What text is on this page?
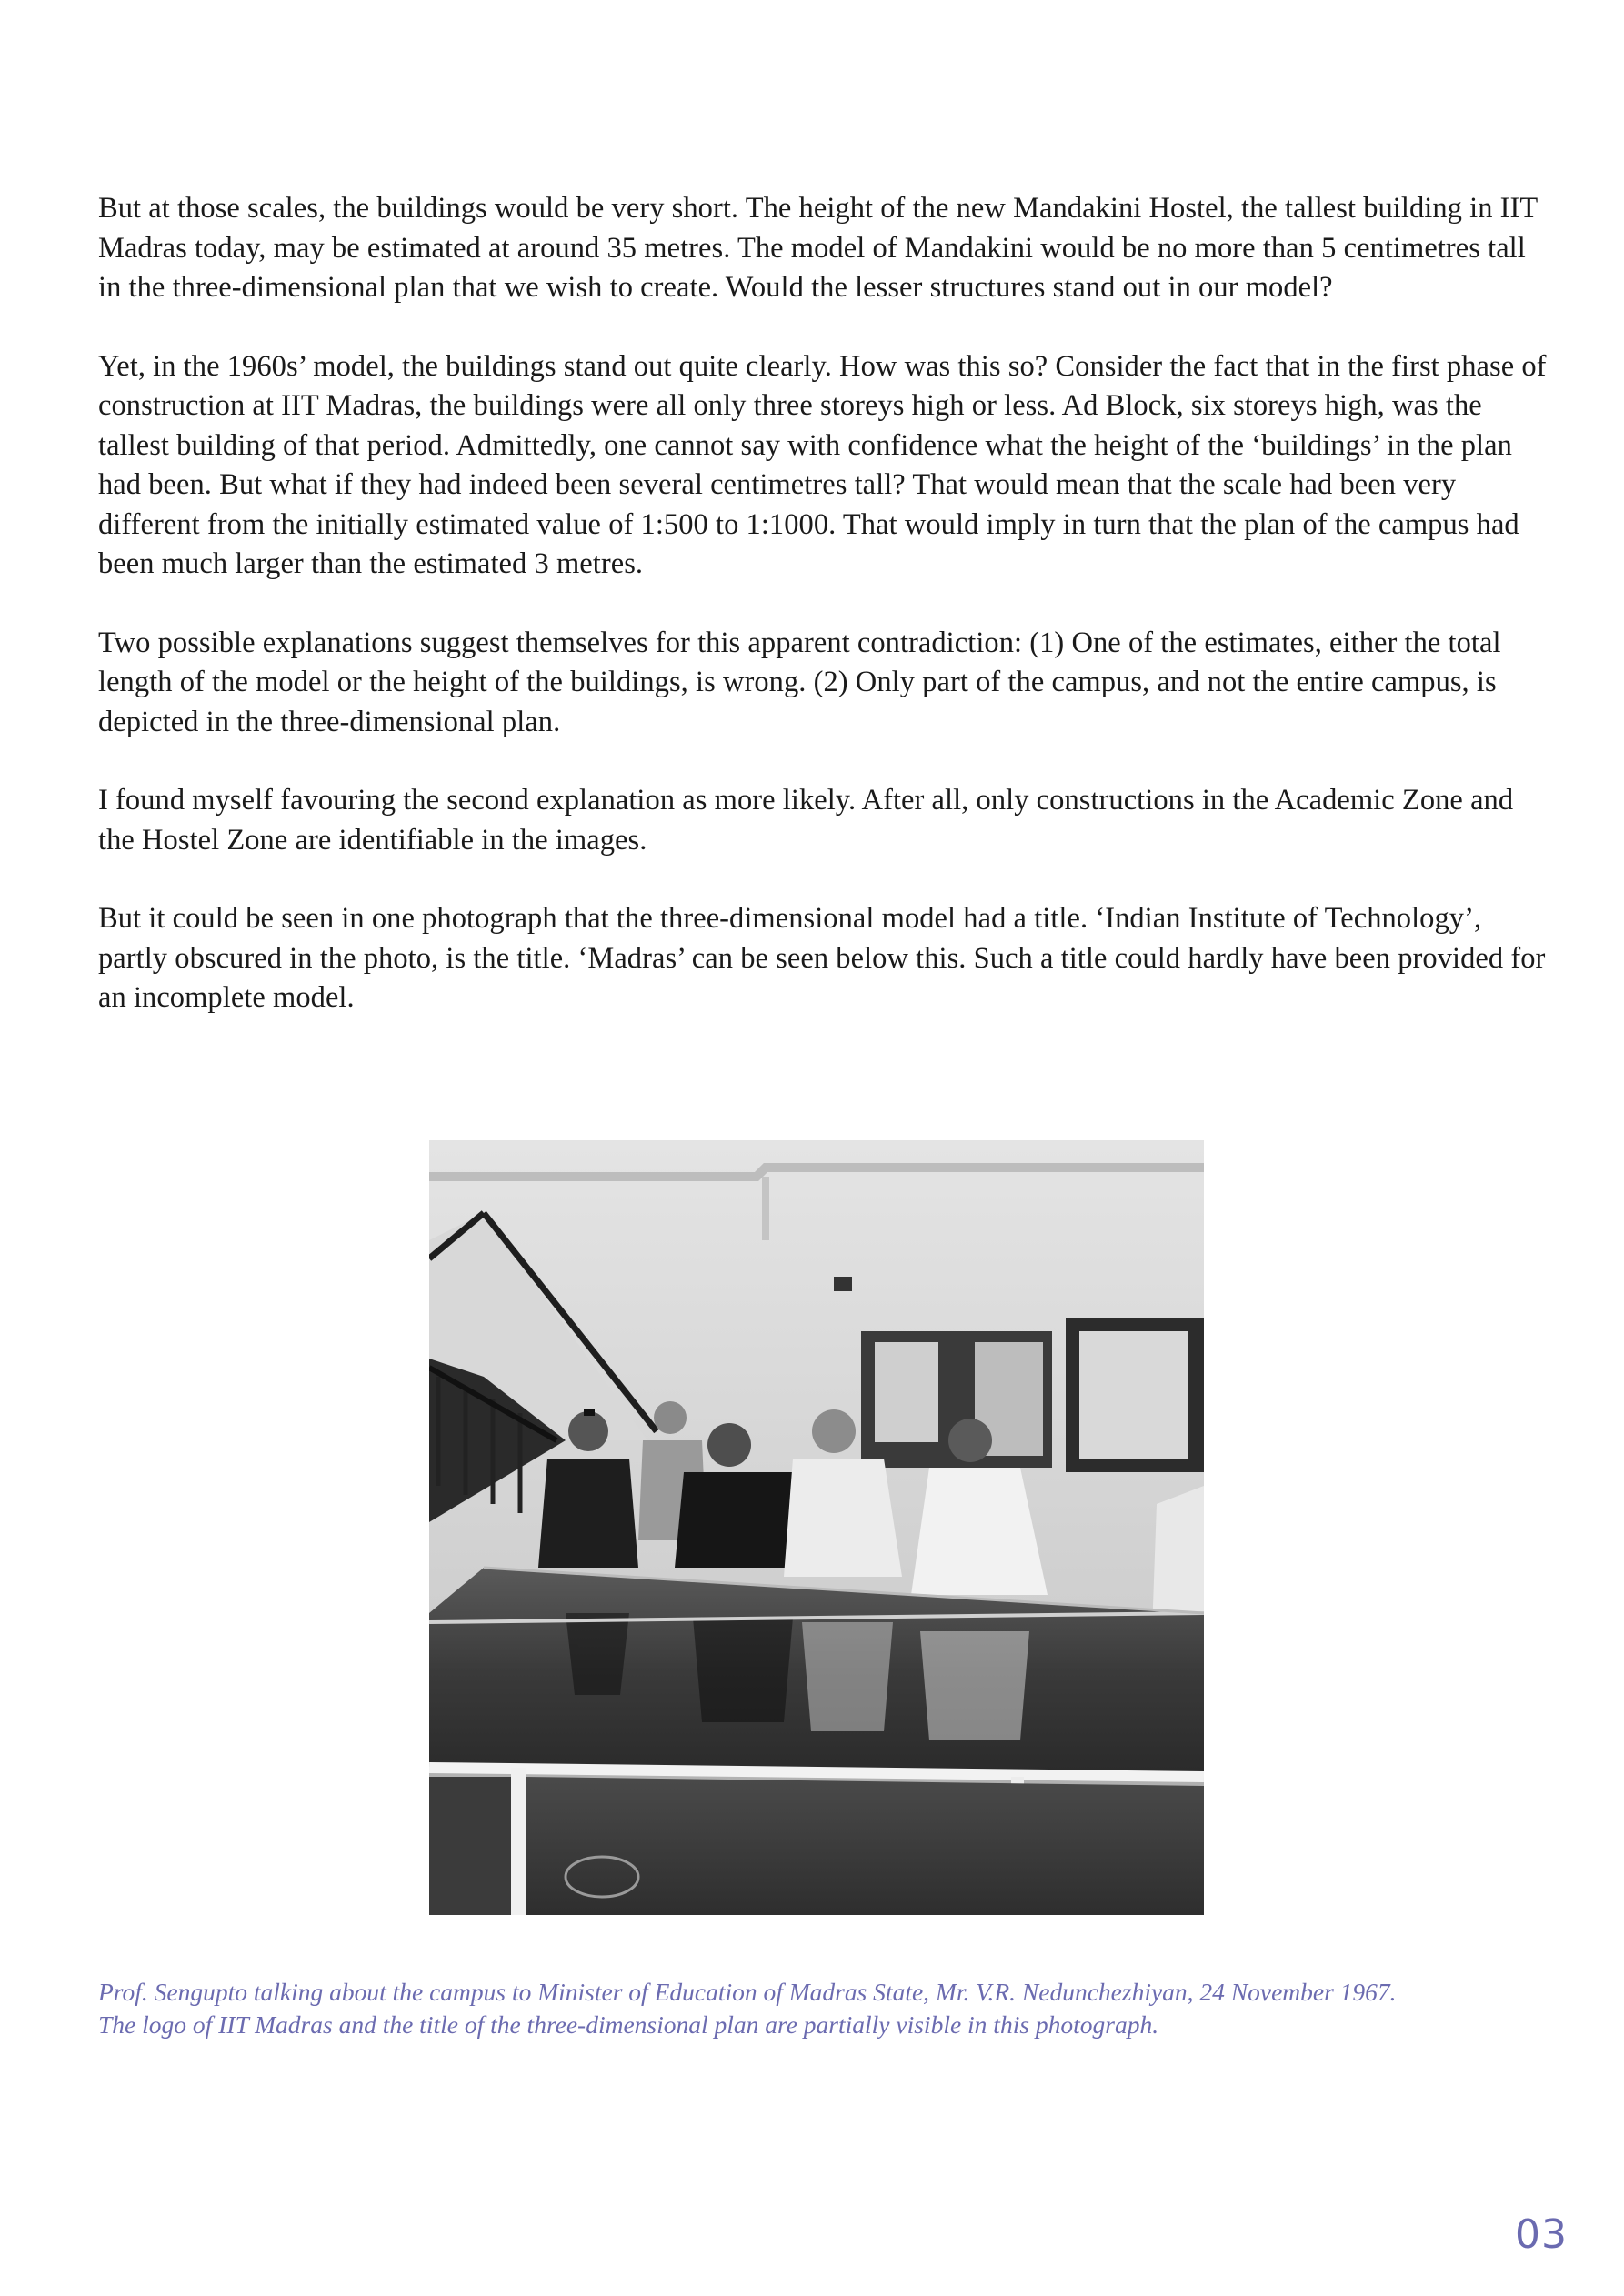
But at those scales, the buildings would be very short. The height of the new Mandakini Hostel, the tallest building in IIT Madras today, may be estimated at around 35 metres. The model of Mandakini would be no more than 5 centimetres tall in the three-dimensional plan that we wish to create. Would the lesser structures stand out in our model?

Yet, in the 1960s’ model, the buildings stand out quite clearly. How was this so? Consider the fact that in the first phase of construction at IIT Madras, the buildings were all only three storeys high or less. Ad Block, six storeys high, was the tallest building of that period. Admittedly, one cannot say with confidence what the height of the ‘buildings’ in the plan had been. But what if they had indeed been several centimetres tall? That would mean that the scale had been very different from the initially estimated value of 1:500 to 1:1000. That would imply in turn that the plan of the campus had been much larger than the estimated 3 metres.

Two possible explanations suggest themselves for this apparent contradiction: (1) One of the estimates, either the total length of the model or the height of the buildings, is wrong. (2) Only part of the campus, and not the entire campus, is depicted in the three-dimensional plan.

I found myself favouring the second explanation as more likely. After all, only constructions in the Academic Zone and the Hostel Zone are identifiable in the images.

But it could be seen in one photograph that the three-dimensional model had a title. ‘Indian Institute of Technology’, partly obscured in the photo, is the title. ‘Madras’ can be seen below this. Such a title could hardly have been provided for an incomplete model.

Prof. Sengupto talking about the campus to Minister of Education of Madras State, Mr. V.R. Nedunchezhiyan, 24 November 1967.

The logo of IIT Madras and the title of the three-dimensional plan are partially visible in this photograph.

03
